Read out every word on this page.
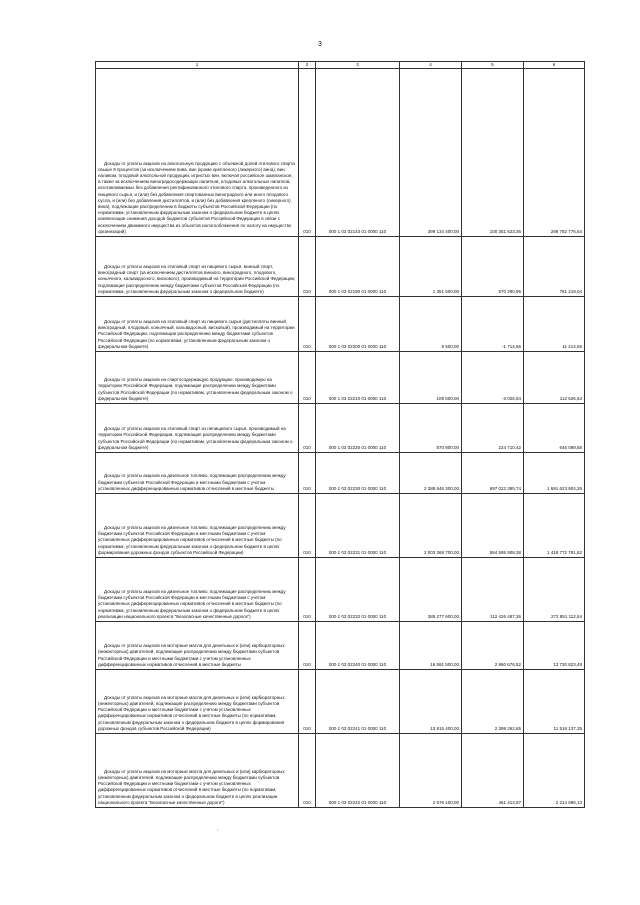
3
1	2	3	4	5	6

Доходы от уплаты акцизов на алкогольную продукцию с объемной долей этилового спирта свыше 9 процентов (за исключением пива, вин (кроме крепленого (ликерного) вина), вин наливом, плодовой алкогольной продукции, игристых вин, включая российское шампанское, а также за исключением виноградосодержащих напитков, плодовых алкогольных напитков, изготавливаемых без добавления ректификованного этилового спирта, произведенного из пищевого сырья, и (или) без добавления спиртованных виноградного или иного плодового сусла, и (или) без добавления дистиллятов, и (или) без добавления крепленого (ликерного) вина), подлежащие распределению в бюджеты субъектов Российской Федерации (по нормативам, установленным федеральным законом о федеральном бюджете в целях компенсации снижения доходов бюджетов субъектов Российской Федерации в связи с исключением движимого имущества из объектов налогообложения по налогу на имущество организаций)	010	000 1 03 02143 01 0000 110	399 134 400,00	100 351 623,36	298 782 776,64

Доходы от уплаты акцизов на этиловый спирт из пищевого сырья, винный спирт, виноградный спирт (за исключением дистиллятов винного, виноградного, плодового, коньячного, кальвадосного, вискового), производимый на территории Российской Федерации, подлежащие распределению между бюджетами субъектов Российской Федерации (по нормативам, установленным федеральным законом о федеральном бюджете)	010	000 1 03 02190 01 0000 110	1 351 500,00	570 280,96	781 219,04

Доходы от уплаты акцизов на этиловый спирт из пищевого сырья (дистилляты винный, виноградный, плодовый, коньячный, кальвадосный, висковый), производимый на территории Российской Федерации, подлежащие распределению между бюджетами субъектов Российской Федерации (по нормативам, установленным федеральным законом о федеральном бюджете)	010	000 1 03 02200 01 0000 110	9 500,00	-1 714,56	11 214,56

Доходы от уплаты акцизов на спиртосодержащую продукцию, производимую на территории Российской Федерации, подлежащие распределению между бюджетами субъектов Российской Федерации (по нормативам, установленным федеральным законом о федеральном бюджете)	010	000 1 03 02210 01 0000 110	109 600,00	-3 026,54	112 626,54

Доходы от уплаты акцизов на этиловый спирт из непищевого сырья, производимый на территории Российской Федерации, подлежащие распределению между бюджетами субъектов Российской Федерации (по нормативам, установленным федеральным законом о федеральном бюджете)	010	000 1 03 02220 01 0000 110	870 800,00	224 710,42	646 089,58

Доходы от уплаты акцизов на дизельное топливо, подлежащие распределению между бюджетами субъектов Российской Федерации и местными бюджетами с учетом установленных дифференцированных нормативов отчислений в местные бюджеты	010	000 1 03 02230 01 0000 110	2 388 646 300,00	697 022 395,74	1 691 623 904,26

Доходы от уплаты акцизов на дизельное топливо, подлежащие распределению между бюджетами субъектов Российской Федерации и местными бюджетами с учетом установленных дифференцированных нормативов отчислений в местные бюджеты (по нормативам, установленным федеральным законом о федеральном бюджете в целях формирования дорожных фондов субъектов Российской Федерации)	010	000 1 03 02231 01 0000 110	2 003 368 700,00	584 595 908,38	1 418 772 791,62

Доходы от уплаты акцизов на дизельное топливо, подлежащие распределению между бюджетами субъектов Российской Федерации и местными бюджетами с учетом установленных дифференцированных нормативов отчислений в местные бюджеты (по нормативам, установленным федеральным законом о федеральном бюджете в целях реализации национального проекта "Безопасные качественные дороги")	010	000 1 03 02232 01 0000 110	385 277 600,00	112 426 487,36	272 851 112,64

Доходы от уплаты акцизов на моторные масла для дизельных и (или) карбюраторных (инжекторных) двигателей, подлежащие распределению между бюджетами субъектов Российской Федерации и местными бюджетами с учетом установленных дифференцированных нормативов отчислений в местные бюджеты	010	000 1 03 02240 01 0000 110	16 591 500,00	2 860 676,52	13 730 823,48

Доходы от уплаты акцизов на моторные масла для дизельных и (или) карбюраторных (инжекторных) двигателей, подлежащие распределению между бюджетами субъектов Российской Федерации и местными бюджетами с учетом установленных дифференцированных нормативов отчислений в местные бюджеты (по нормативам, установленным федеральным законом о федеральном бюджете в целях формирования дорожных фондов субъектов Российской Федерации)	010	000 1 03 02241 01 0000 110	13 915 400,00	2 399 262,65	11 516 137,35

Доходы от уплаты акцизов на моторные масла для дизельных и (или) карбюраторных (инжекторных) двигателей, подлежащие распределению между бюджетами субъектов Российской Федерации и местными бюджетами с учетом установленных дифференцированных нормативов отчислений в местные бюджеты (по нормативам, установленным федеральным законом о федеральном бюджете в целях реализации национального проекта "Безопасные качественные дороги")	010	000 1 03 02242 01 0000 110	2 676 100,00	461 413,87	2 214 686,13
,
